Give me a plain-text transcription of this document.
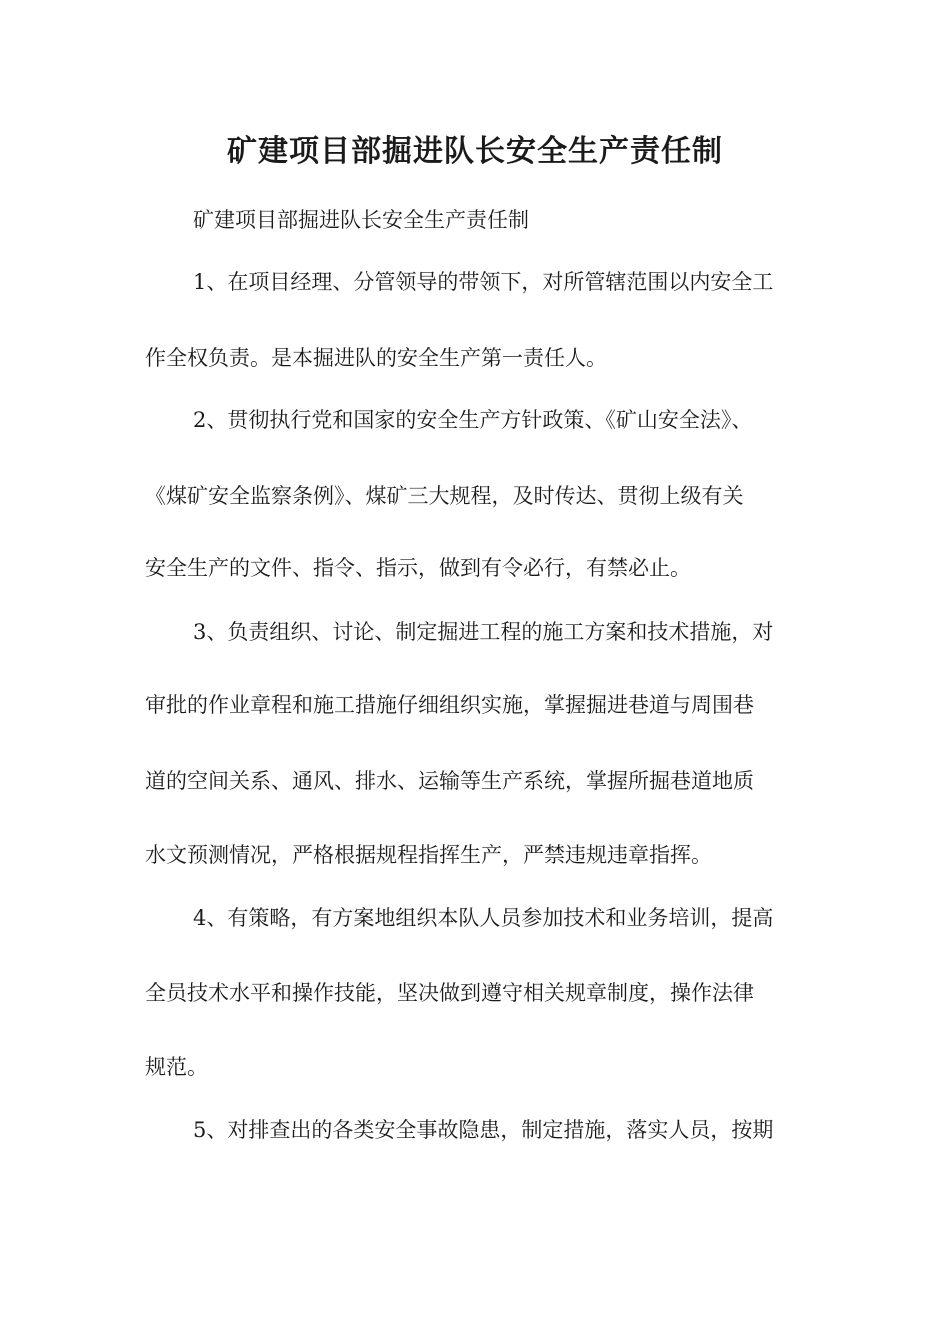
矿建项目部掘进队长安全生产责任制

矿建项目部掘进队长安全生产责任制

1、在项目经理、分管领导的带领下，对所管辖范围以内安全工

作全权负责。是本掘进队的安全生产第一责任人。

2、贯彻执行党和国家的安全生产方针政策、《矿山安全法》、

《煤矿安全监察条例》、煤矿三大规程，及时传达、贯彻上级有关

安全生产的文件、指令、指示，做到有令必行，有禁必止。

3、负责组织、讨论、制定掘进工程的施工方案和技术措施，对

审批的作业章程和施工措施仔细组织实施，掌握掘进巷道与周围巷

道的空间关系、通风、排水、运输等生产系统，掌握所掘巷道地质

水文预测情况，严格根据规程指挥生产，严禁违规违章指挥。

4、有策略，有方案地组织本队人员参加技术和业务培训，提高

全员技术水平和操作技能，坚决做到遵守相关规章制度，操作法律

规范。

5、对排查出的各类安全事故隐患，制定措施，落实人员，按期
